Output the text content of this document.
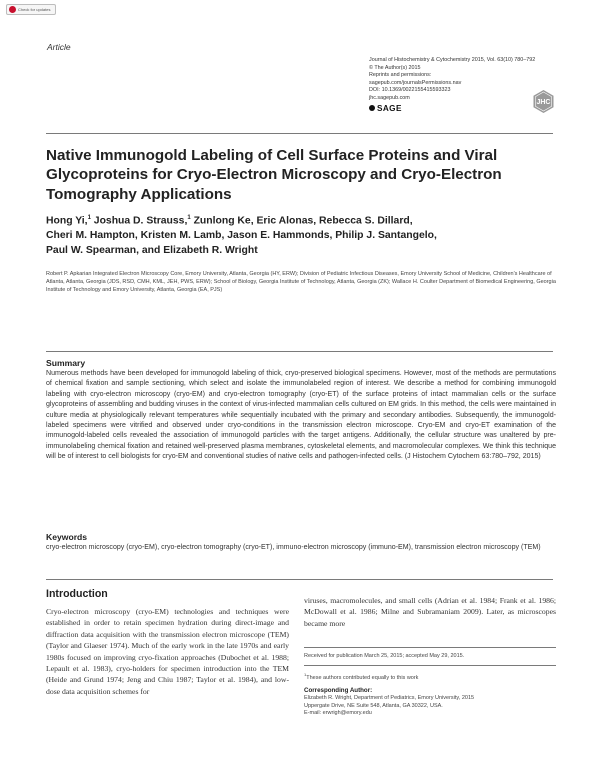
Check for updates
Article
Journal of Histochemistry & Cytochemistry 2015, Vol. 63(10) 780–792
© The Author(s) 2015
Reprints and permissions:
sagepub.com/journalsPermissions.nav
DOI: 10.1369/0022155415593323
jhc.sagepub.com
SAGE
JHC
Native Immunogold Labeling of Cell Surface Proteins and Viral Glycoproteins for Cryo-Electron Microscopy and Cryo-Electron Tomography Applications
Hong Yi,$^1$ Joshua D. Strauss,$^1$ Zunlong Ke, Eric Alonas, Rebecca S. Dillard,
Cheri M. Hampton, Kristen M. Lamb, Jason E. Hammonds, Philip J. Santangelo,
Paul W. Spearman, and Elizabeth R. Wright
Robert P. Apkarian Integrated Electron Microscopy Core, Emory University, Atlanta, Georgia (HY, ERW); Division of Pediatric Infectious Diseases, Emory University School of Medicine, Children's Healthcare of Atlanta, Atlanta, Georgia (JDS, RSD, CMH, KML, JEH, PWS, ERW); School of Biology, Georgia Institute of Technology, Atlanta, Georgia (ZK); Wallace H. Coulter Department of Biomedical Engineering, Georgia Institute of Technology and Emory University, Atlanta, Georgia (EA, PJS)
Summary
Numerous methods have been developed for immunogold labeling of thick, cryo-preserved biological specimens. However, most of the methods are permutations of chemical fixation and sample sectioning, which select and isolate the immunolabeled region of interest. We describe a method for combining immunogold labeling with cryo-electron microscopy (cryo-EM) and cryo-electron tomography (cryo-ET) of the surface proteins of intact mammalian cells or the surface glycoproteins of assembling and budding viruses in the context of virus-infected mammalian cells cultured on EM grids. In this method, the cells were maintained in culture media at physiologically relevant temperatures while sequentially incubated with the primary and secondary antibodies. Subsequently, the immunogold-labeled specimens were vitrified and observed under cryo-conditions in the transmission electron microscope. Cryo-EM and cryo-ET examination of the immunogold-labeled cells revealed the association of immunogold particles with the target antigens. Additionally, the cellular structure was unaltered by pre-immunolabeling chemical fixation and retained well-preserved plasma membranes, cytoskeletal elements, and macromolecular complexes. We think this technique will be of interest to cell biologists for cryo-EM and conventional studies of native cells and pathogen-infected cells. (J Histochem Cytochem 63:780–792, 2015)
Keywords
cryo-electron microscopy (cryo-EM), cryo-electron tomography (cryo-ET), immuno-electron microscopy (immuno-EM), transmission electron microscopy (TEM)
Introduction
Cryo-electron microscopy (cryo-EM) technologies and techniques were established in order to retain specimen hydration during direct-image and diffraction data acquisition with the transmission electron microscope (TEM) (Taylor and Glaeser 1974). Much of the early work in the late 1970s and early 1980s focused on improving cryo-fixation approaches (Dubochet et al. 1988; Lepault et al. 1983), cryo-holders for specimen introduction into the TEM (Heide and Grund 1974; Jeng and Chiu 1987; Taylor et al. 1984), and low-dose data acquisition schemes for
viruses, macromolecules, and small cells (Adrian et al. 1984; Frank et al. 1986; McDowall et al. 1986; Milne and Subramaniam 2009). Later, as microscopes became more
Received for publication March 25, 2015; accepted May 29, 2015.
$^1$These authors contributed equally to this work
Corresponding Author:
Elizabeth R. Wright, Department of Pediatrics, Emory University, 2015
Uppergate Drive, NE Suite 548, Atlanta, GA 30322, USA.
E-mail: erwrigh@emory.edu
